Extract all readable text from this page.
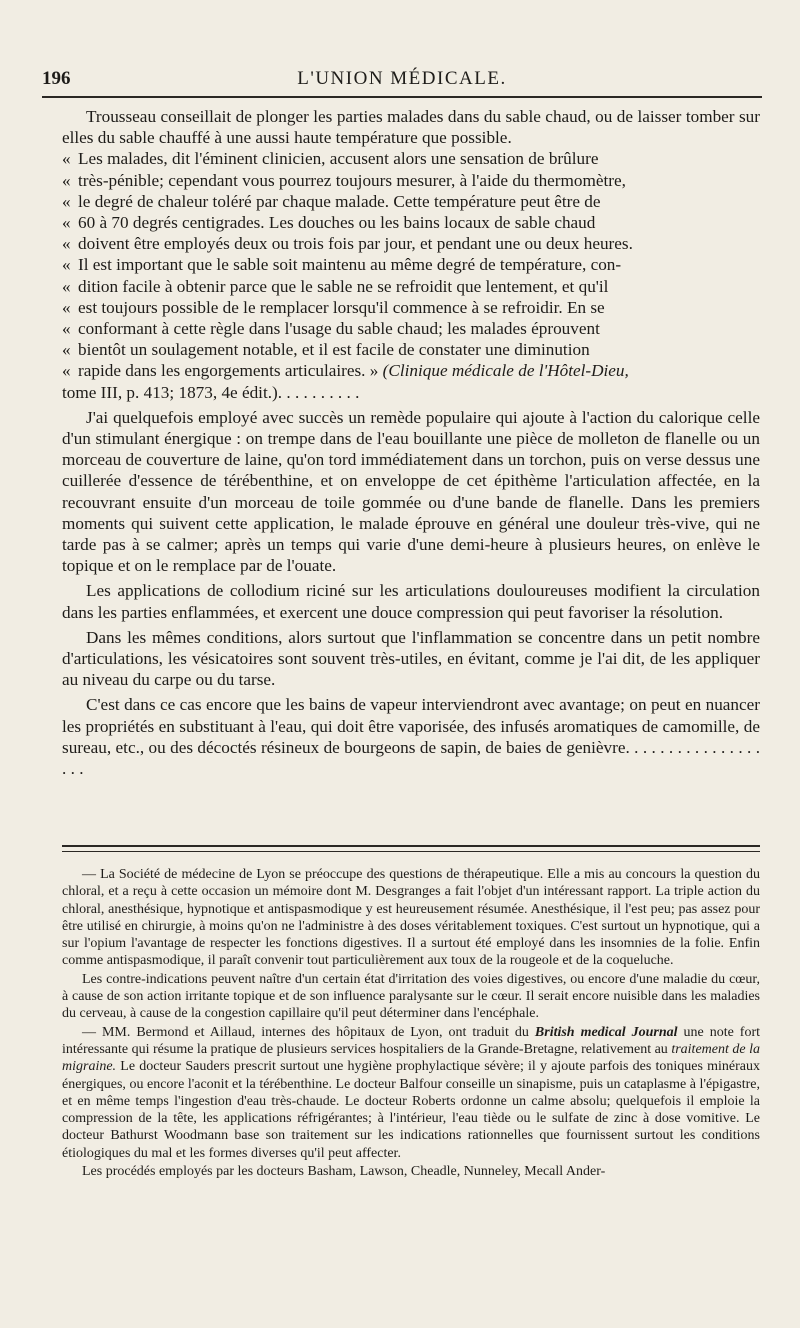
196	L'UNION MÉDICALE.

Trousseau conseillait de plonger les parties malades dans du sable chaud, ou de laisser tomber sur elles du sable chauffé à une aussi haute température que possible.

« Les malades, dit l'éminent clinicien, accusent alors une sensation de brûlure

« très-pénible; cependant vous pourrez toujours mesurer, à l'aide du thermomètre,

« le degré de chaleur toléré par chaque malade. Cette température peut être de

« 60 à 70 degrés centigrades. Les douches ou les bains locaux de sable chaud

« doivent être employés deux ou trois fois par jour, et pendant une ou deux heures.

« Il est important que le sable soit maintenu au même degré de température, con-

« dition facile à obtenir parce que le sable ne se refroidit que lentement, et qu'il

« est toujours possible de le remplacer lorsqu'il commence à se refroidir. En se

« conformant à cette règle dans l'usage du sable chaud; les malades éprouvent

« bientôt un soulagement notable, et il est facile de constater une diminution

« rapide dans les engorgements articulaires. » (Clinique médicale de l'Hôtel-Dieu,

tome III, p. 413; 1873, 4e édit.). . . . . . . . . .

J'ai quelquefois employé avec succès un remède populaire qui ajoute à l'action du calorique celle d'un stimulant énergique : on trempe dans de l'eau bouillante une pièce de molleton de flanelle ou un morceau de couverture de laine, qu'on tord immédiatement dans un torchon, puis on verse dessus une cuillerée d'essence de térébenthine, et on enveloppe de cet épithème l'articulation affectée, en la recouvrant ensuite d'un morceau de toile gommée ou d'une bande de flanelle. Dans les premiers moments qui suivent cette application, le malade éprouve en général une douleur très-vive, qui ne tarde pas à se calmer; après un temps qui varie d'une demi-heure à plusieurs heures, on enlève le topique et on le remplace par de l'ouate.

Les applications de collodium riciné sur les articulations douloureuses modifient la circulation dans les parties enflammées, et exercent une douce compression qui peut favoriser la résolution.

Dans les mêmes conditions, alors surtout que l'inflammation se concentre dans un petit nombre d'articulations, les vésicatoires sont souvent très-utiles, en évitant, comme je l'ai dit, de les appliquer au niveau du carpe ou du tarse.

C'est dans ce cas encore que les bains de vapeur interviendront avec avantage; on peut en nuancer les propriétés en substituant à l'eau, qui doit être vaporisée, des infusés aromatiques de camomille, de sureau, etc., ou des décoctés résineux de bourgeons de sapin, de baies de genièvre. . . . . . . . . . . . . . . . . . .

— La Société de médecine de Lyon se préoccupe des questions de thérapeutique. Elle a mis au concours la question du chloral, et a reçu à cette occasion un mémoire dont M. Desgranges a fait l'objet d'un intéressant rapport. La triple action du chloral, anesthésique, hypnotique et antispasmodique y est heureusement résumée. Anesthésique, il l'est peu; pas assez pour être utilisé en chirurgie, à moins qu'on ne l'administre à des doses véritablement toxiques. C'est surtout un hypnotique, qui a sur l'opium l'avantage de respecter les fonctions digestives. Il a surtout été employé dans les insomnies de la folie. Enfin comme antispasmodique, il paraît convenir tout particulièrement aux toux de la rougeole et de la coqueluche.

Les contre-indications peuvent naître d'un certain état d'irritation des voies digestives, ou encore d'une maladie du cœur, à cause de son action irritante topique et de son influence paralysante sur le cœur. Il serait encore nuisible dans les maladies du cerveau, à cause de la congestion capillaire qu'il peut déterminer dans l'encéphale.

— MM. Bermond et Aillaud, internes des hôpitaux de Lyon, ont traduit du British medical Journal une note fort intéressante qui résume la pratique de plusieurs services hospitaliers de la Grande-Bretagne, relativement au traitement de la migraine. Le docteur Sauders prescrit surtout une hygiène prophylactique sévère; il y ajoute parfois des toniques minéraux énergiques, ou encore l'aconit et la térébenthine. Le docteur Balfour conseille un sinapisme, puis un cataplasme à l'épigastre, et en même temps l'ingestion d'eau très-chaude. Le docteur Roberts ordonne un calme absolu; quelquefois il emploie la compression de la tête, les applications réfrigérantes; à l'intérieur, l'eau tiède ou le sulfate de zinc à dose vomitive. Le docteur Bathurst Woodmann base son traitement sur les indications rationnelles que fournissent surtout les conditions étiologiques du mal et les formes diverses qu'il peut affecter.

Les procédés employés par les docteurs Basham, Lawson, Cheadle, Nunneley, Mecall Ander-
